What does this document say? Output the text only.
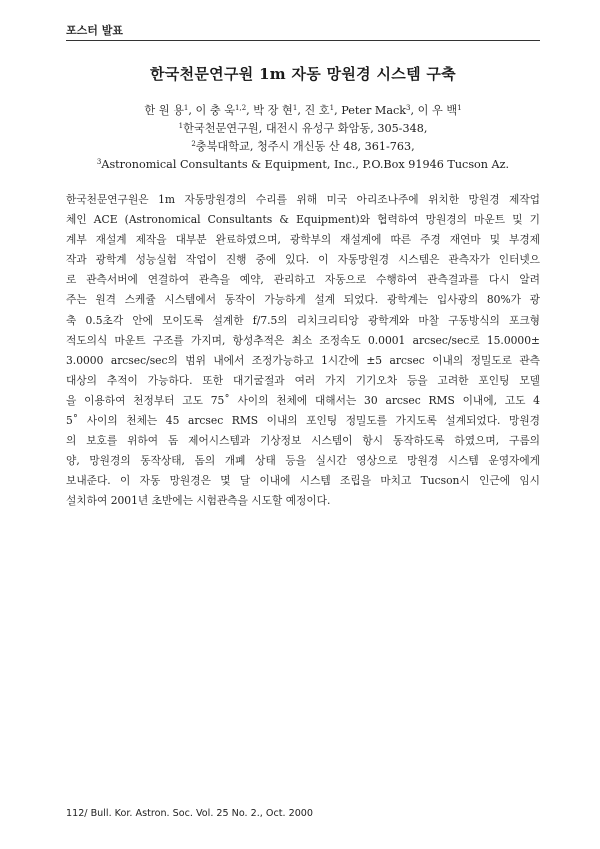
포스터 발표
한국천문연구원 1m 자동 망원경 시스템 구축
한 원 용$^1$, 이 충 욱$^{1,2}$, 박 장 현$^1$, 진 호$^1$, Peter Mack$^3$, 이 우 백$^1$
$^1$한국천문연구원, 대전시 유성구 화암동, 305-348,
$^2$충북대학교, 청주시 개신동 산 48, 361-763,
$^3$Astronomical Consultants & Equipment, Inc., P.O.Box 91946 Tucson Az.
한국천문연구원은 1m 자동망원경의 수리를 위해 미국 아리조나주에 위치한 망원경 제작업
체인 ACE (Astronomical Consultants & Equipment)와 협력하여 망원경의 마운트 및 기
계부 재설계 제작을 대부분 완료하였으며, 광학부의 재설계에 따른 주경 재연마 및 부경제
작과 광학계 성능실험 작업이 진행 중에 있다. 이 자동망원경 시스템은 관측자가 인터넷으
로 관측서버에 연결하여 관측을 예약, 관리하고 자동으로 수행하여 관측결과를 다시 알려
주는 원격 스케쥴 시스템에서 동작이 가능하게 설계 되었다. 광학계는 입사광의 80%가 광
축 0.5초각 안에 모이도록 설계한 f/7.5의 리치크리티앙 광학계와 마찰 구동방식의 포크형
적도의식 마운트 구조를 가지며, 항성추적은 최소 조정속도 0.0001 arcsec/sec로 15.0000±
3.0000 arcsec/sec의 범위 내에서 조정가능하고 1시간에 ±5 arcsec 이내의 정밀도로 관측
대상의 추적이 가능하다. 또한 대기굴절과 여러 가지 기기오차 등을 고려한 포인팅 모델
을 이용하여 천정부터 고도 75˚ 사이의 천체에 대해서는 30 arcsec RMS 이내에, 고도 4
5˚ 사이의 천체는 45 arcsec RMS 이내의 포인팅 정밀도를 가지도록 설계되었다. 망원경
의 보호를 위하여 돔 제어시스템과 기상정보 시스템이 항시 동작하도록 하였으며, 구름의
양, 망원경의 동작상태, 돔의 개폐 상태 등을 실시간 영상으로 망원경 시스템 운영자에게
보내준다. 이 자동 망원경은 몇 달 이내에 시스템 조립을 마치고 Tucson시 인근에 임시
설치하여 2001년 초반에는 시험관측을 시도할 예정이다.
112/ Bull. Kor. Astron. Soc. Vol. 25 No. 2., Oct. 2000
